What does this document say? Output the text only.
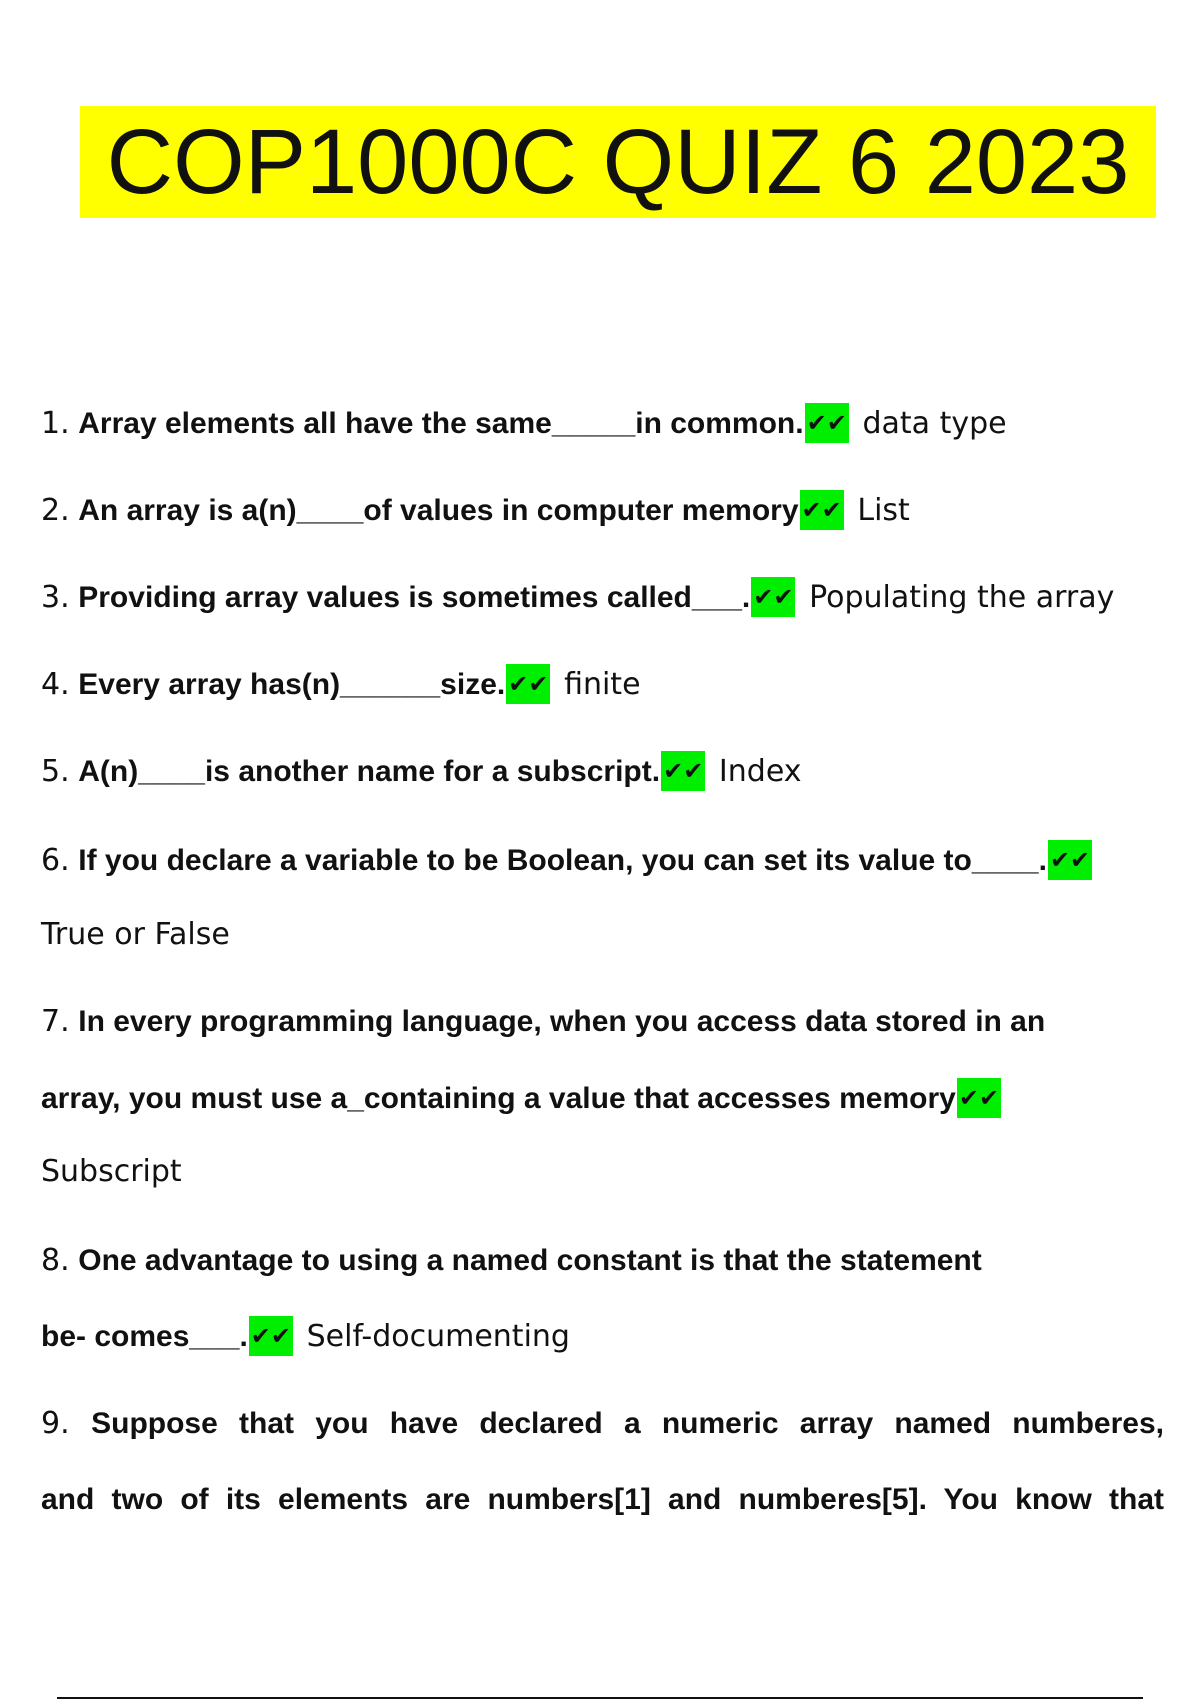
COP1000C QUIZ 6 2023
1. Array elements all have the same_____in common. ✔✔ data type
2. An array is a(n)____of values in computer memory ✔✔ List
3. Providing array values is sometimes called___. ✔✔ Populating the array
4. Every array has(n)______size. ✔✔ finite
5. A(n)____is another name for a subscript. ✔✔ Index
6. If you declare a variable to be Boolean, you can set its value to____. ✔✔
True or False
7. In every programming language, when you access data stored in an
array, you must use a_containing a value that accesses memory ✔✔
Subscript
8. One advantage to using a named constant is that the statement
be- comes___. ✔✔ Self-documenting
9. Suppose that you have declared a numeric array named numberes,
and two of its elements are numbers[1] and numberes[5]. You know that
